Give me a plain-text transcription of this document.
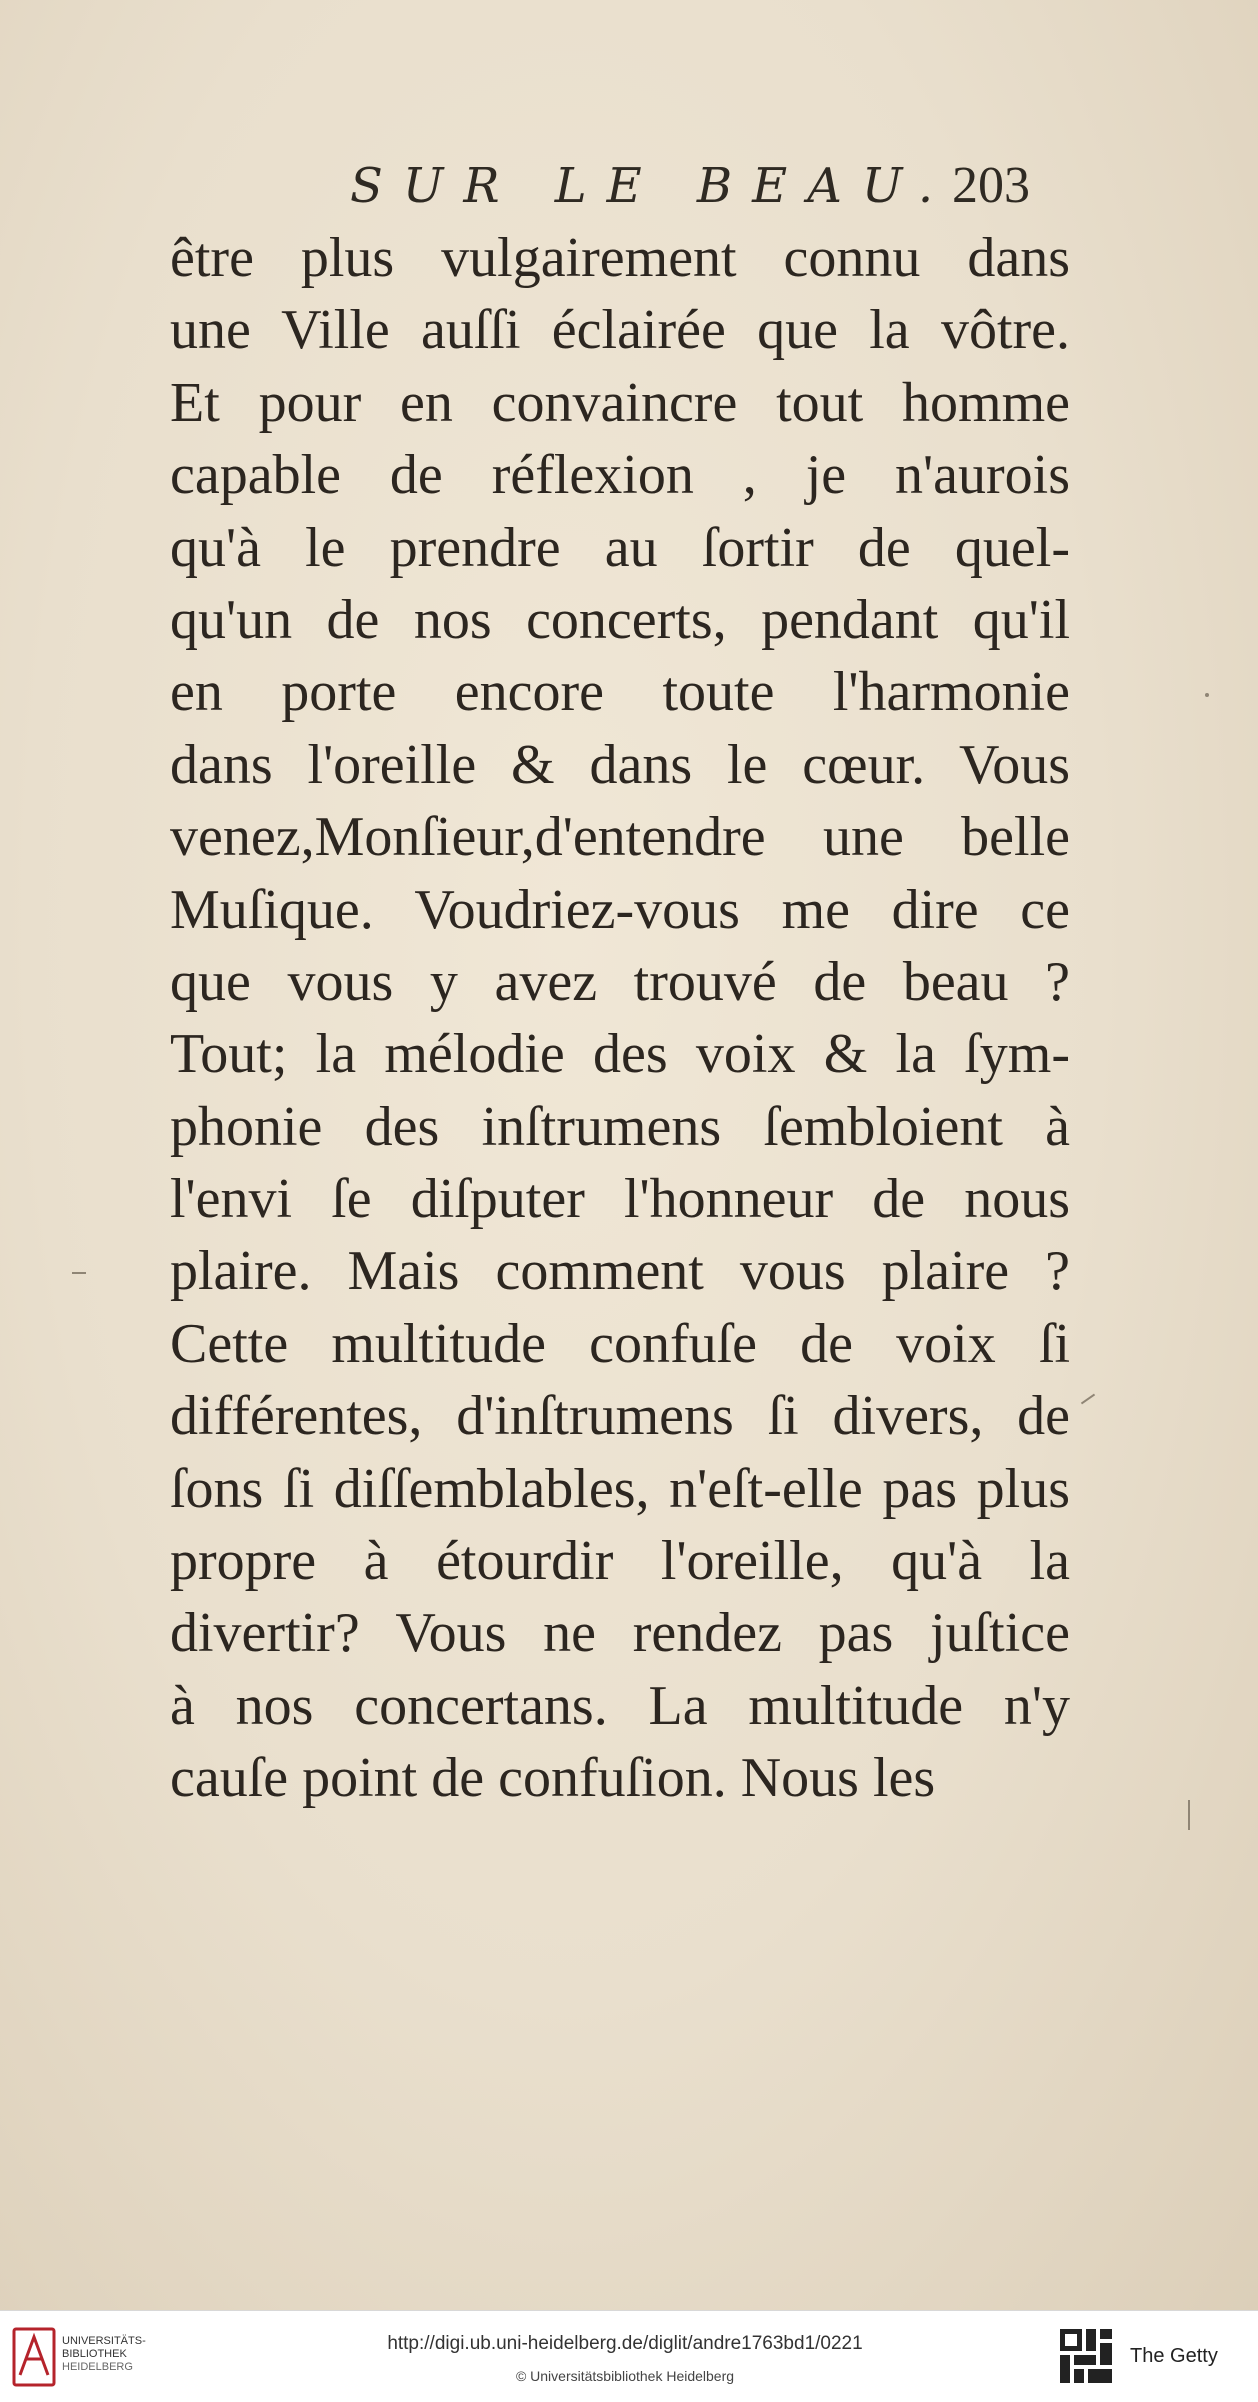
SUR LE BEAU.
203
être plus vulgairement connu dans
une Ville auſſi éclairée que la vôtre.
Et pour en convaincre tout homme
capable de réflexion , je n'aurois
qu'à le prendre au ſortir de quel-
qu'un de nos concerts, pendant qu'il
en porte encore toute l'harmonie
dans l'oreille & dans le cœur. Vous
venez,Monſieur,d'entendre une belle
Muſique. Voudriez-vous me dire ce
que vous y avez trouvé de beau ?
Tout; la mélodie des voix & la ſym-
phonie des inſtrumens ſembloient à
l'envi ſe diſputer l'honneur de nous
plaire. Mais comment vous plaire ?
Cette multitude confuſe de voix ſi
différentes, d'inſtrumens ſi divers, de
ſons ſi diſſemblables, n'eſt-elle pas plus
propre à étourdir l'oreille, qu'à la
divertir? Vous ne rendez pas juſtice
à nos concertans. La multitude n'y
cauſe point de confuſion. Nous les
UNIVERSITÄTS-
BIBLIOTHEK
HEIDELBERG
http://digi.ub.uni-heidelberg.de/diglit/andre1763bd1/0221
© Universitätsbibliothek Heidelberg
The Getty
